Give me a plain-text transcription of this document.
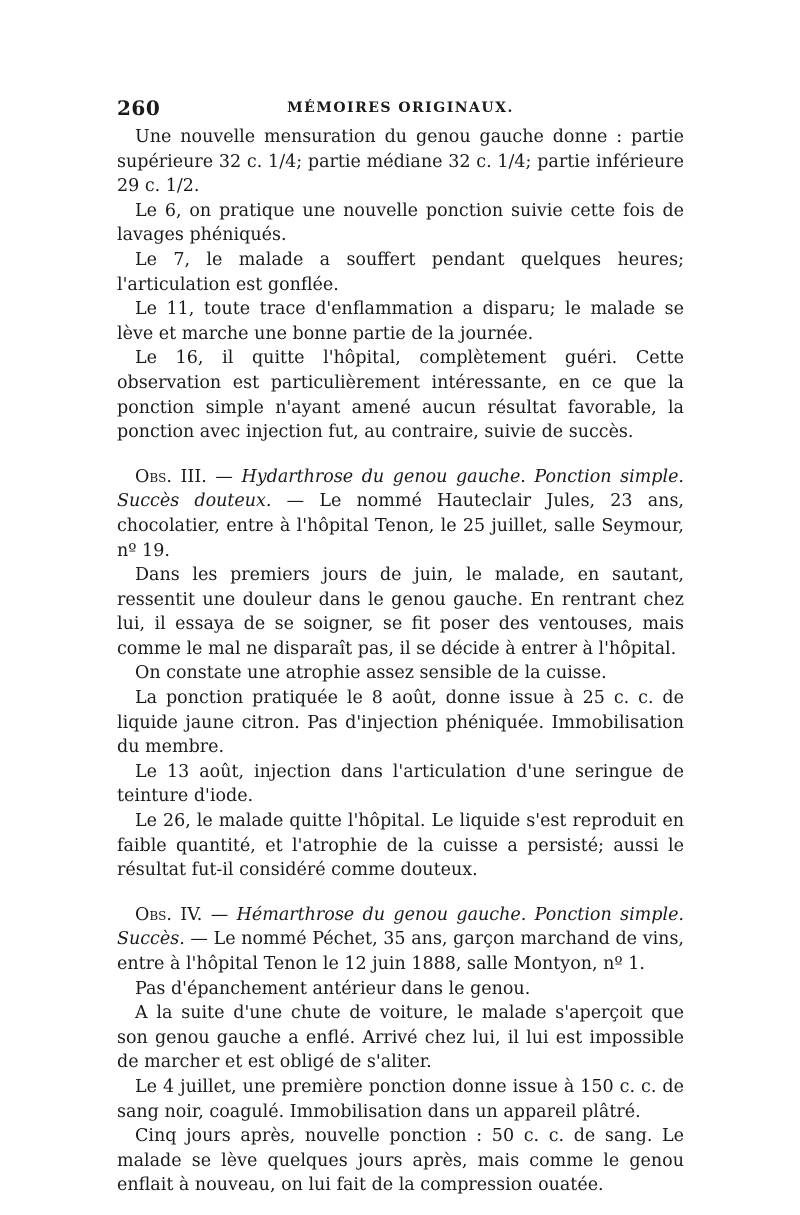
260	MÉMOIRES ORIGINAUX.

Une nouvelle mensuration du genou gauche donne : partie supérieure 32 c. 1/4; partie médiane 32 c. 1/4; partie inférieure 29 c. 1/2.

Le 6, on pratique une nouvelle ponction suivie cette fois de lavages phéniqués.

Le 7, le malade a souffert pendant quelques heures; l'articulation est gonflée.

Le 11, toute trace d'enflammation a disparu; le malade se lève et marche une bonne partie de la journée.

Le 16, il quitte l'hôpital, complètement guéri. Cette observation est particulièrement intéressante, en ce que la ponction simple n'ayant amené aucun résultat favorable, la ponction avec injection fut, au contraire, suivie de succès.

Obs. III. — Hydarthrose du genou gauche. Ponction simple. Succès douteux. — Le nommé Hauteclair Jules, 23 ans, chocolatier, entre à l'hôpital Tenon, le 25 juillet, salle Seymour, nº 19.

Dans les premiers jours de juin, le malade, en sautant, ressentit une douleur dans le genou gauche. En rentrant chez lui, il essaya de se soigner, se fit poser des ventouses, mais comme le mal ne disparaît pas, il se décide à entrer à l'hôpital.

On constate une atrophie assez sensible de la cuisse.

La ponction pratiquée le 8 août, donne issue à 25 c. c. de liquide jaune citron. Pas d'injection phéniquée. Immobilisation du membre.

Le 13 août, injection dans l'articulation d'une seringue de teinture d'iode.

Le 26, le malade quitte l'hôpital. Le liquide s'est reproduit en faible quantité, et l'atrophie de la cuisse a persisté; aussi le résultat fut-il considéré comme douteux.

Obs. IV. — Hémarthrose du genou gauche. Ponction simple. Succès. — Le nommé Péchet, 35 ans, garçon marchand de vins, entre à l'hôpital Tenon le 12 juin 1888, salle Montyon, nº 1.

Pas d'épanchement antérieur dans le genou.

A la suite d'une chute de voiture, le malade s'aperçoit que son genou gauche a enflé. Arrivé chez lui, il lui est impossible de marcher et est obligé de s'aliter.

Le 4 juillet, une première ponction donne issue à 150 c. c. de sang noir, coagulé. Immobilisation dans un appareil plâtré.

Cinq jours après, nouvelle ponction : 50 c. c. de sang. Le malade se lève quelques jours après, mais comme le genou enflait à nouveau, on lui fait de la compression ouatée.
